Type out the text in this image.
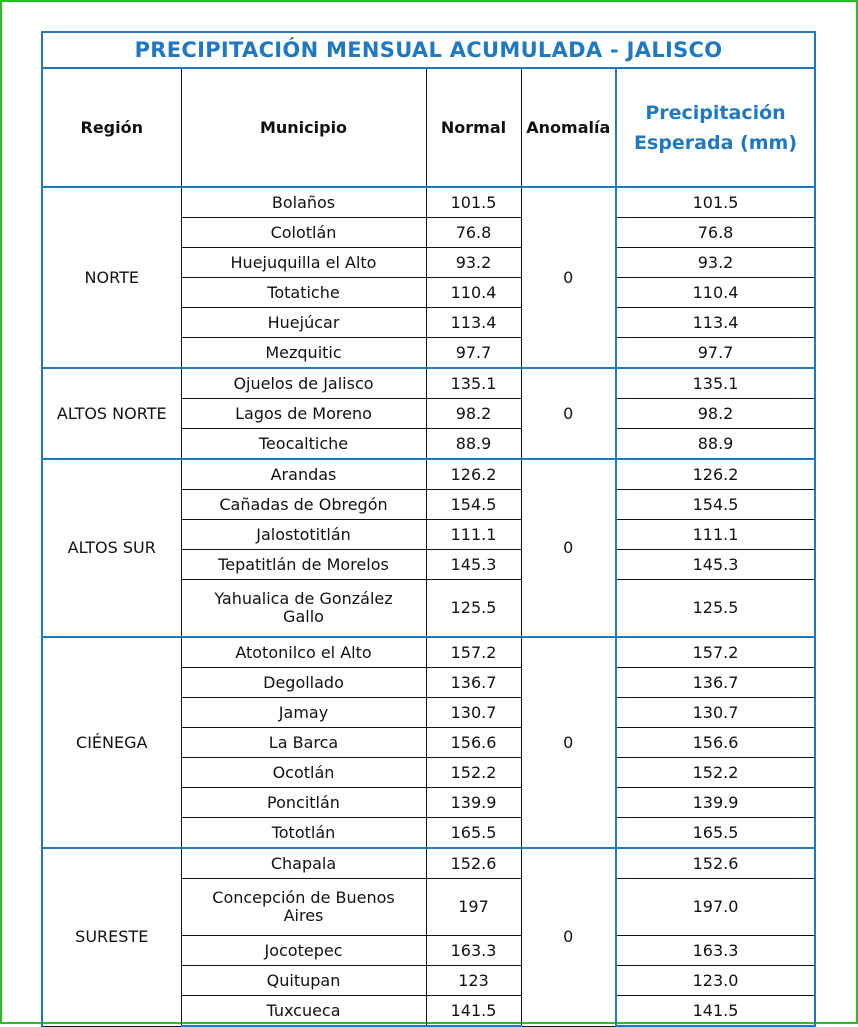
PRECIPITACIÓN MENSUAL ACUMULADA - JALISCO				
Región	Municipio	Normal	Anomalía	Precipitación Esperada (mm)
NORTE	Bolaños	101.5	0	101.5
	Colotlán	76.8		76.8
	Huejuquilla el Alto	93.2		93.2
	Totatiche	110.4		110.4
	Huejúcar	113.4		113.4
	Mezquitic	97.7		97.7
ALTOS NORTE	Ojuelos de Jalisco	135.1	0	135.1
	Lagos de Moreno	98.2		98.2
	Teocaltiche	88.9		88.9
ALTOS SUR	Arandas	126.2	0	126.2
	Cañadas de Obregón	154.5		154.5
	Jalostotitlán	111.1		111.1
	Tepatitlán de Morelos	145.3		145.3
	Yahualica de González Gallo	125.5		125.5
CIÉNEGA	Atotonilco el Alto	157.2	0	157.2
	Degollado	136.7		136.7
	Jamay	130.7		130.7
	La Barca	156.6		156.6
	Ocotlán	152.2		152.2
	Poncitlán	139.9		139.9
	Tototlán	165.5		165.5
SURESTE	Chapala	152.6	0	152.6
	Concepción de Buenos Aires	197		197.0
	Jocotepec	163.3		163.3
	Quitupan	123		123.0
	Tuxcueca	141.5		141.5
